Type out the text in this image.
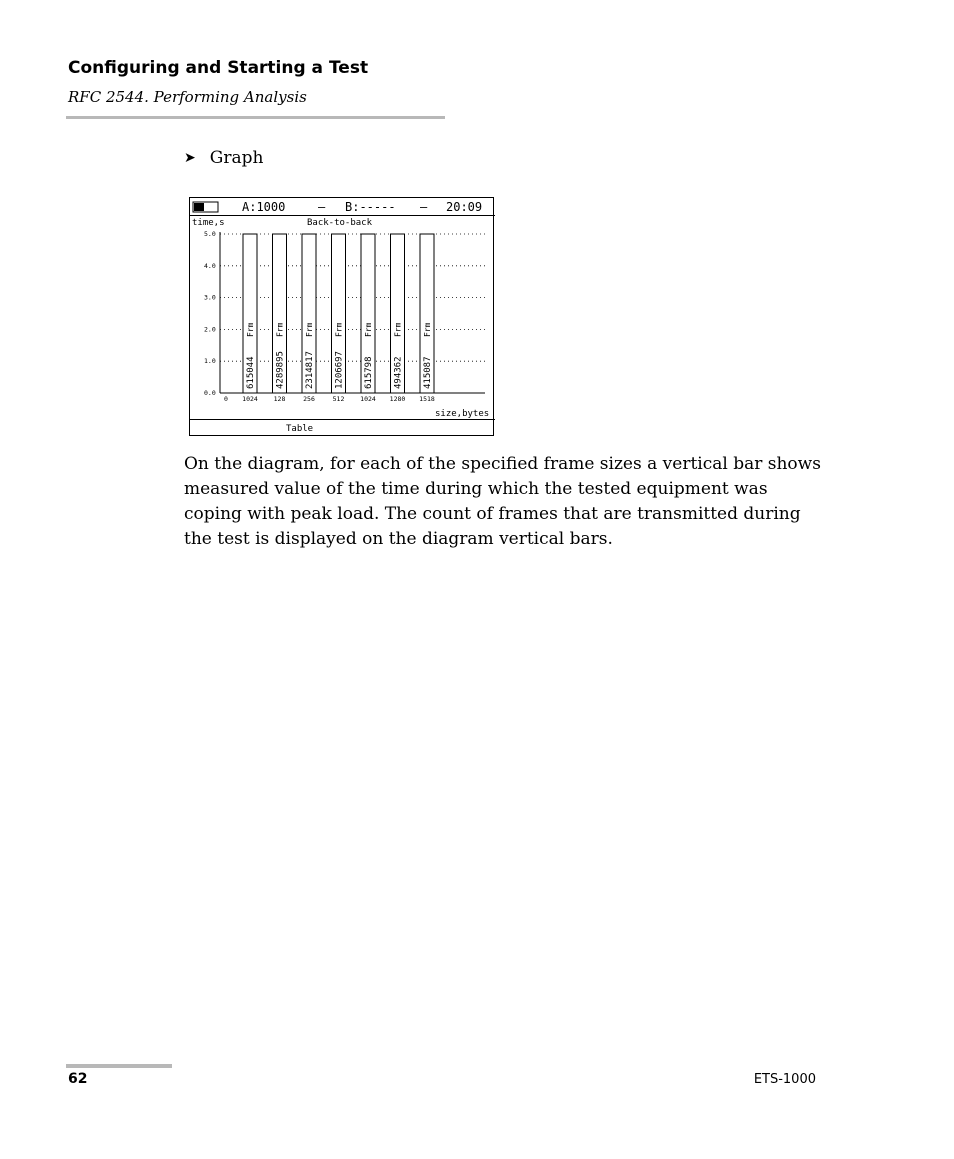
Configuring and Starting a Test
RFC 2544. Performing Analysis
➤ Graph
A:1000	– B:----- – 20:09
time,s	Back-to-back
0.0
1.0
2.0
3.0
4.0
5.0
615044
Frm
4289895
Frm
2314817
Frm
1206697
Frm
615798
Frm
494362
Frm
415087
Frm
0 1024 128	256	512 1024 1280 1518
size,bytes
Table
On the diagram, for each of the specified frame sizes a vertical bar shows measured value of the time during which the tested equipment was coping with peak load. The count of frames that are transmitted during the test is displayed on the diagram vertical bars.
62	ETS-1000
